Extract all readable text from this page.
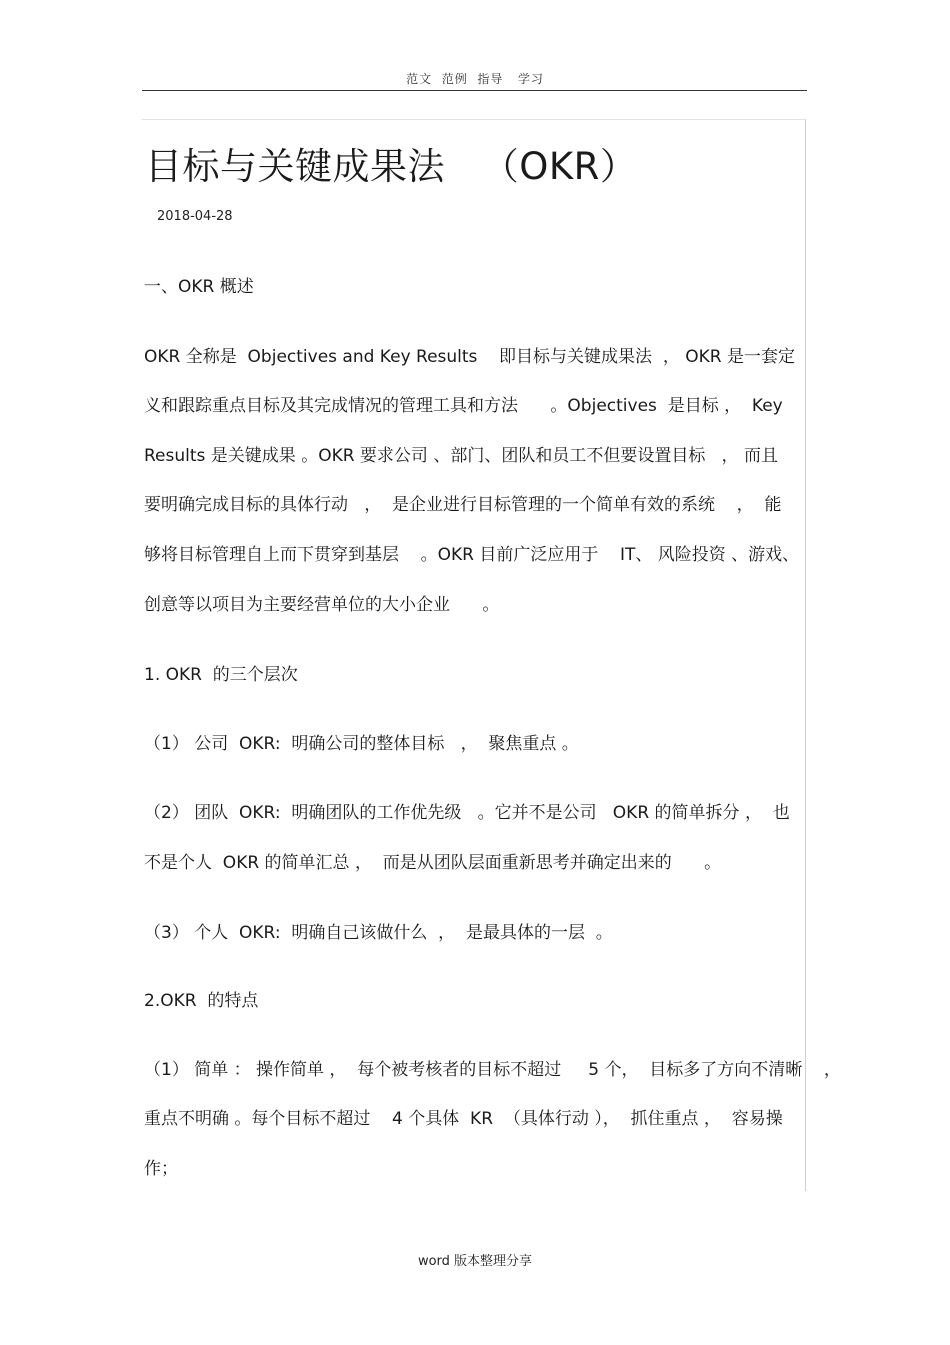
范文  范例  指导   学习
目标与关键成果法   （OKR）
2018-04-28
一、OKR 概述
OKR 全称是  Objectives and Key Results    即目标与关键成果法  ， OKR 是一套定
义和跟踪重点目标及其完成情况的管理工具和方法      。Objectives  是目标 ，  Key
Results 是关键成果 。OKR 要求公司 、部门、团队和员工不但要设置目标   ， 而且
要明确完成目标的具体行动   ，  是企业进行目标管理的一个简单有效的系统    ，  能
够将目标管理自上而下贯穿到基层    。OKR 目前广泛应用于    IT、 风险投资 、游戏、
创意等以项目为主要经营单位的大小企业      。
1. OKR  的三个层次
（1） 公司  OKR:  明确公司的整体目标   ，  聚焦重点 。
（2） 团队  OKR:  明确团队的工作优先级   。它并不是公司   OKR 的简单拆分 ，  也
不是个人  OKR 的简单汇总 ，  而是从团队层面重新思考并确定出来的      。
（3） 个人  OKR:  明确自己该做什么  ，  是最具体的一层  。
2.OKR  的特点
（1） 简单 ： 操作简单 ，  每个被考核者的目标不超过     5 个，  目标多了方向不清晰    ，
重点不明确 。每个目标不超过    4 个具体  KR  （具体行动 ），  抓住重点 ，  容易操
作；
word 版本整理分享
